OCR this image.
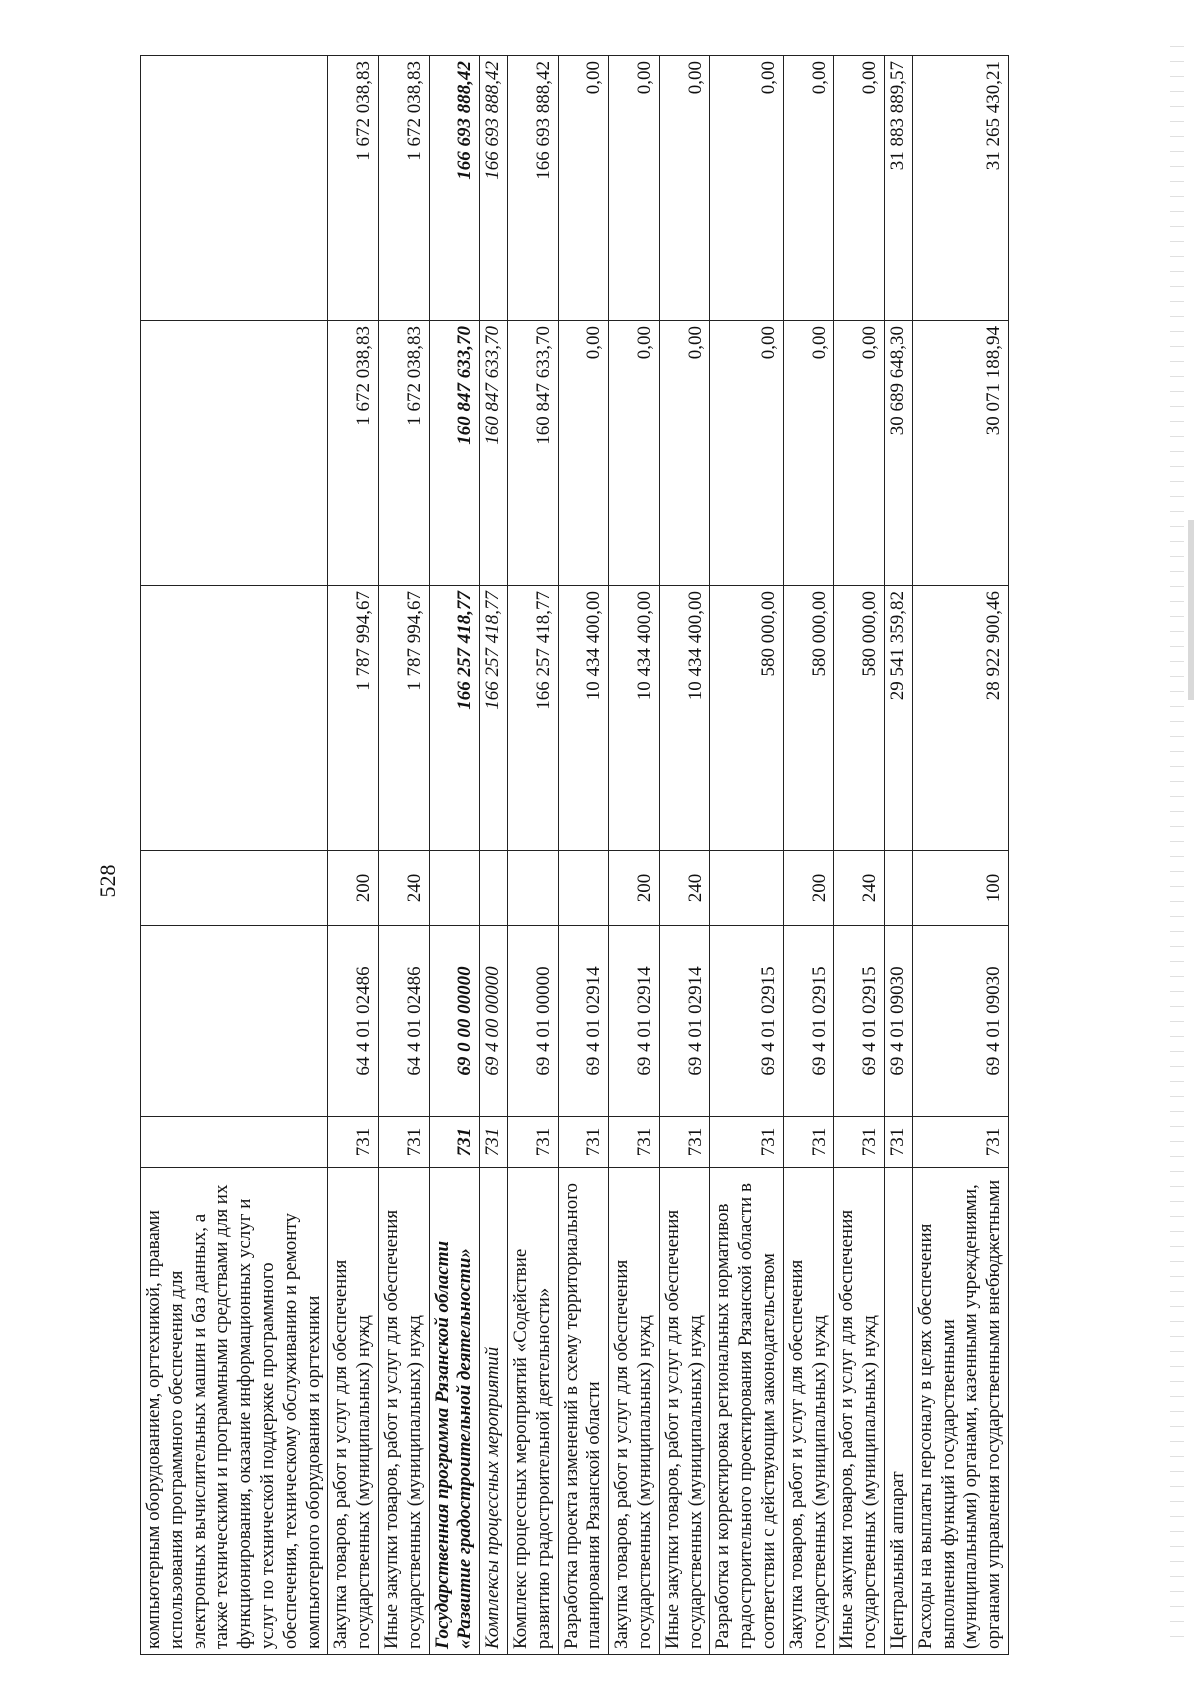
528
компьютерным оборудованием, оргтехникой, правами использования программного обеспечения для электронных вычислительных машин и баз данных, а также техническими и программными средствами для их функционирования, оказание информационных услуг и услуг по технической поддержке программного обеспечения, техническому обслуживанию и ремонту компьютерного оборудования и оргтехники						
Закупка товаров, работ и услуг для обеспечения государственных (муниципальных) нужд	731	64 4 01 02486	200	1 787 994,67	1 672 038,83	1 672 038,83
Иные закупки товаров, работ и услуг для обеспечения государственных (муниципальных) нужд	731	64 4 01 02486	240	1 787 994,67	1 672 038,83	1 672 038,83
Государственная программа Рязанской области «Развитие градостроительной деятельности»	731	69 0 00 00000		166 257 418,77	160 847 633,70	166 693 888,42
Комплексы процессных мероприятий	731	69 4 00 00000		166 257 418,77	160 847 633,70	166 693 888,42
Комплекс процессных мероприятий «Содействие развитию градостроительной деятельности»	731	69 4 01 00000		166 257 418,77	160 847 633,70	166 693 888,42
Разработка проекта изменений в схему территориального планирования Рязанской области	731	69 4 01 02914		10 434 400,00	0,00	0,00
Закупка товаров, работ и услуг для обеспечения государственных (муниципальных) нужд	731	69 4 01 02914	200	10 434 400,00	0,00	0,00
Иные закупки товаров, работ и услуг для обеспечения государственных (муниципальных) нужд	731	69 4 01 02914	240	10 434 400,00	0,00	0,00
Разработка и корректировка региональных нормативов градостроительного проектирования Рязанской области в соответствии с действующим законодательством	731	69 4 01 02915		580 000,00	0,00	0,00
Закупка товаров, работ и услуг для обеспечения государственных (муниципальных) нужд	731	69 4 01 02915	200	580 000,00	0,00	0,00
Иные закупки товаров, работ и услуг для обеспечения государственных (муниципальных) нужд	731	69 4 01 02915	240	580 000,00	0,00	0,00
Центральный аппарат	731	69 4 01 09030		29 541 359,82	30 689 648,30	31 883 889,57
Расходы на выплаты персоналу в целях обеспечения выполнения функций государственными (муниципальными) органами, казенными учреждениями, органами управления государственными внебюджетными	731	69 4 01 09030	100	28 922 900,46	30 071 188,94	31 265 430,21
